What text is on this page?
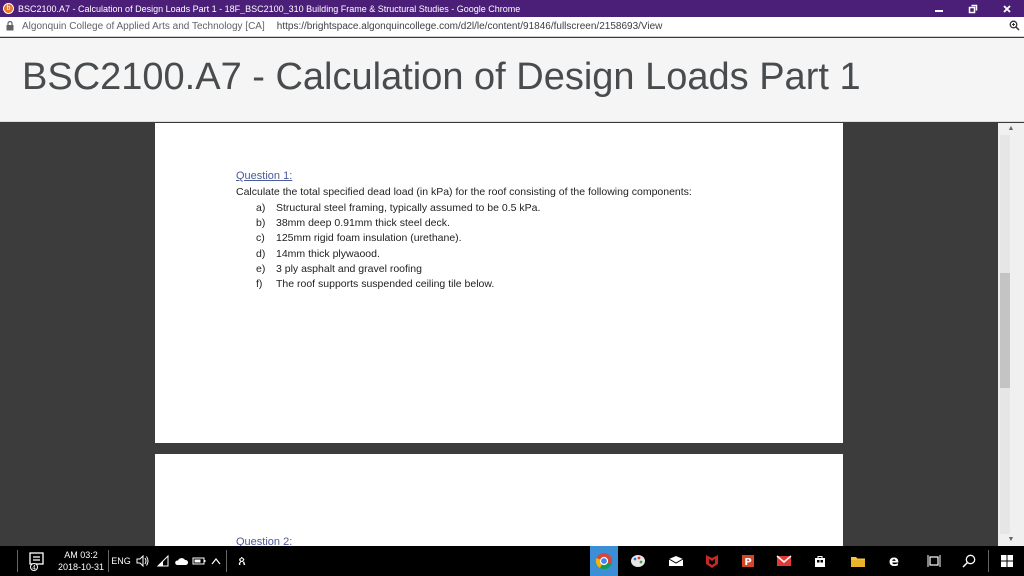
b BSC2100.A7 - Calculation of Design Loads Part 1 - 18F_BSC2100_310 Building Frame & Structural Studies - Google Chrome
Algonquin College of Applied Arts and Technology [CA] https://brightspace.algonquincollege.com/d2l/le/content/91846/fullscreen/2158693/View
BSC2100.A7 - Calculation of Design Loads Part 1
Question 1:
Calculate the total specified dead load (in kPa) for the roof consisting of the following components:
a)	Structural steel framing, typically assumed to be 0.5 kPa.
b)	38mm deep 0.91mm thick steel deck.
c)	125mm rigid foam insulation (urethane).
d)	14mm thick plywaood.
e)	3 ply asphalt and gravel roofing
f)	The roof supports suspended ceiling tile below.
Question 2:
▲
▼
4
AM 03:2
2018-10-31
ENG	ጰ	P	e
